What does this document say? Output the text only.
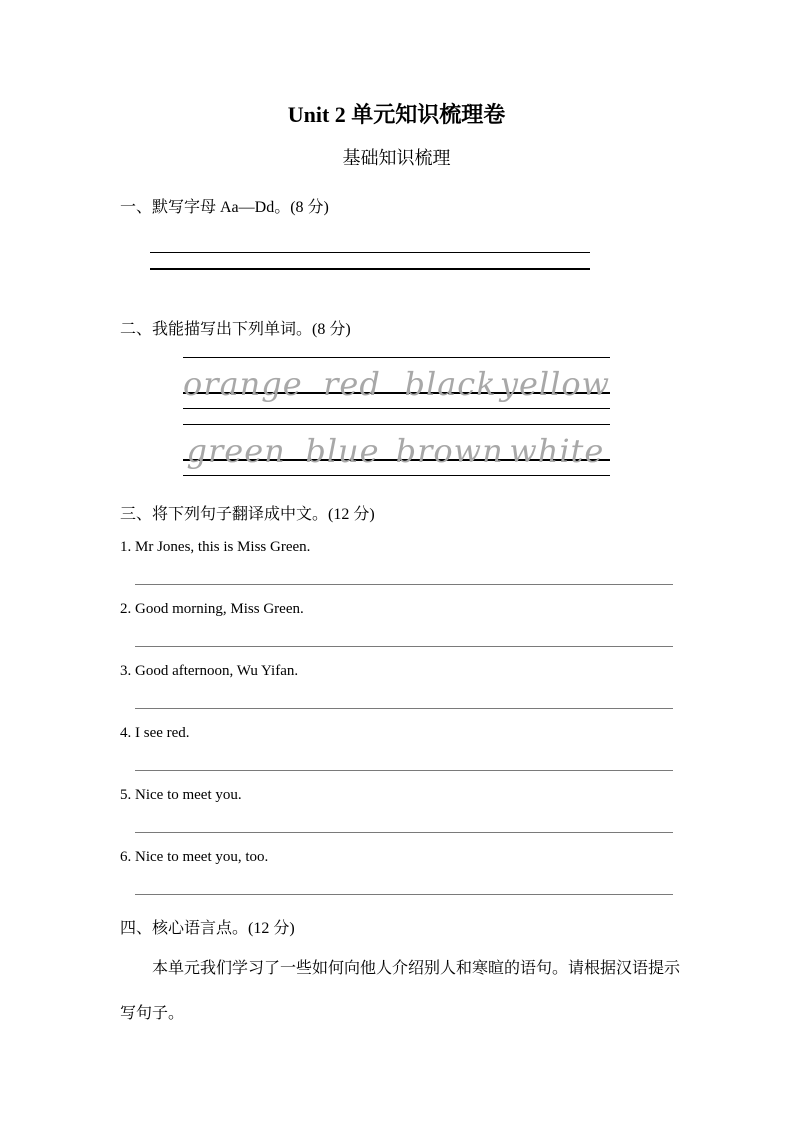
Unit 2 单元知识梳理卷
基础知识梳理

一、默写字母 Aa—Dd。(8 分)

二、我能描写出下列单词。(8 分)

orange red black yellow
green blue brown white

三、将下列句子翻译成中文。(12 分)

1. Mr Jones, this is Miss Green.

2. Good morning, Miss Green.

3. Good afternoon, Wu Yifan.

4. I see red.

5. Nice to meet you.

6. Nice to meet you, too.

四、核心语言点。(12 分)

本单元我们学习了一些如何向他人介绍别人和寒暄的语句。请根据汉语提示写句子。
